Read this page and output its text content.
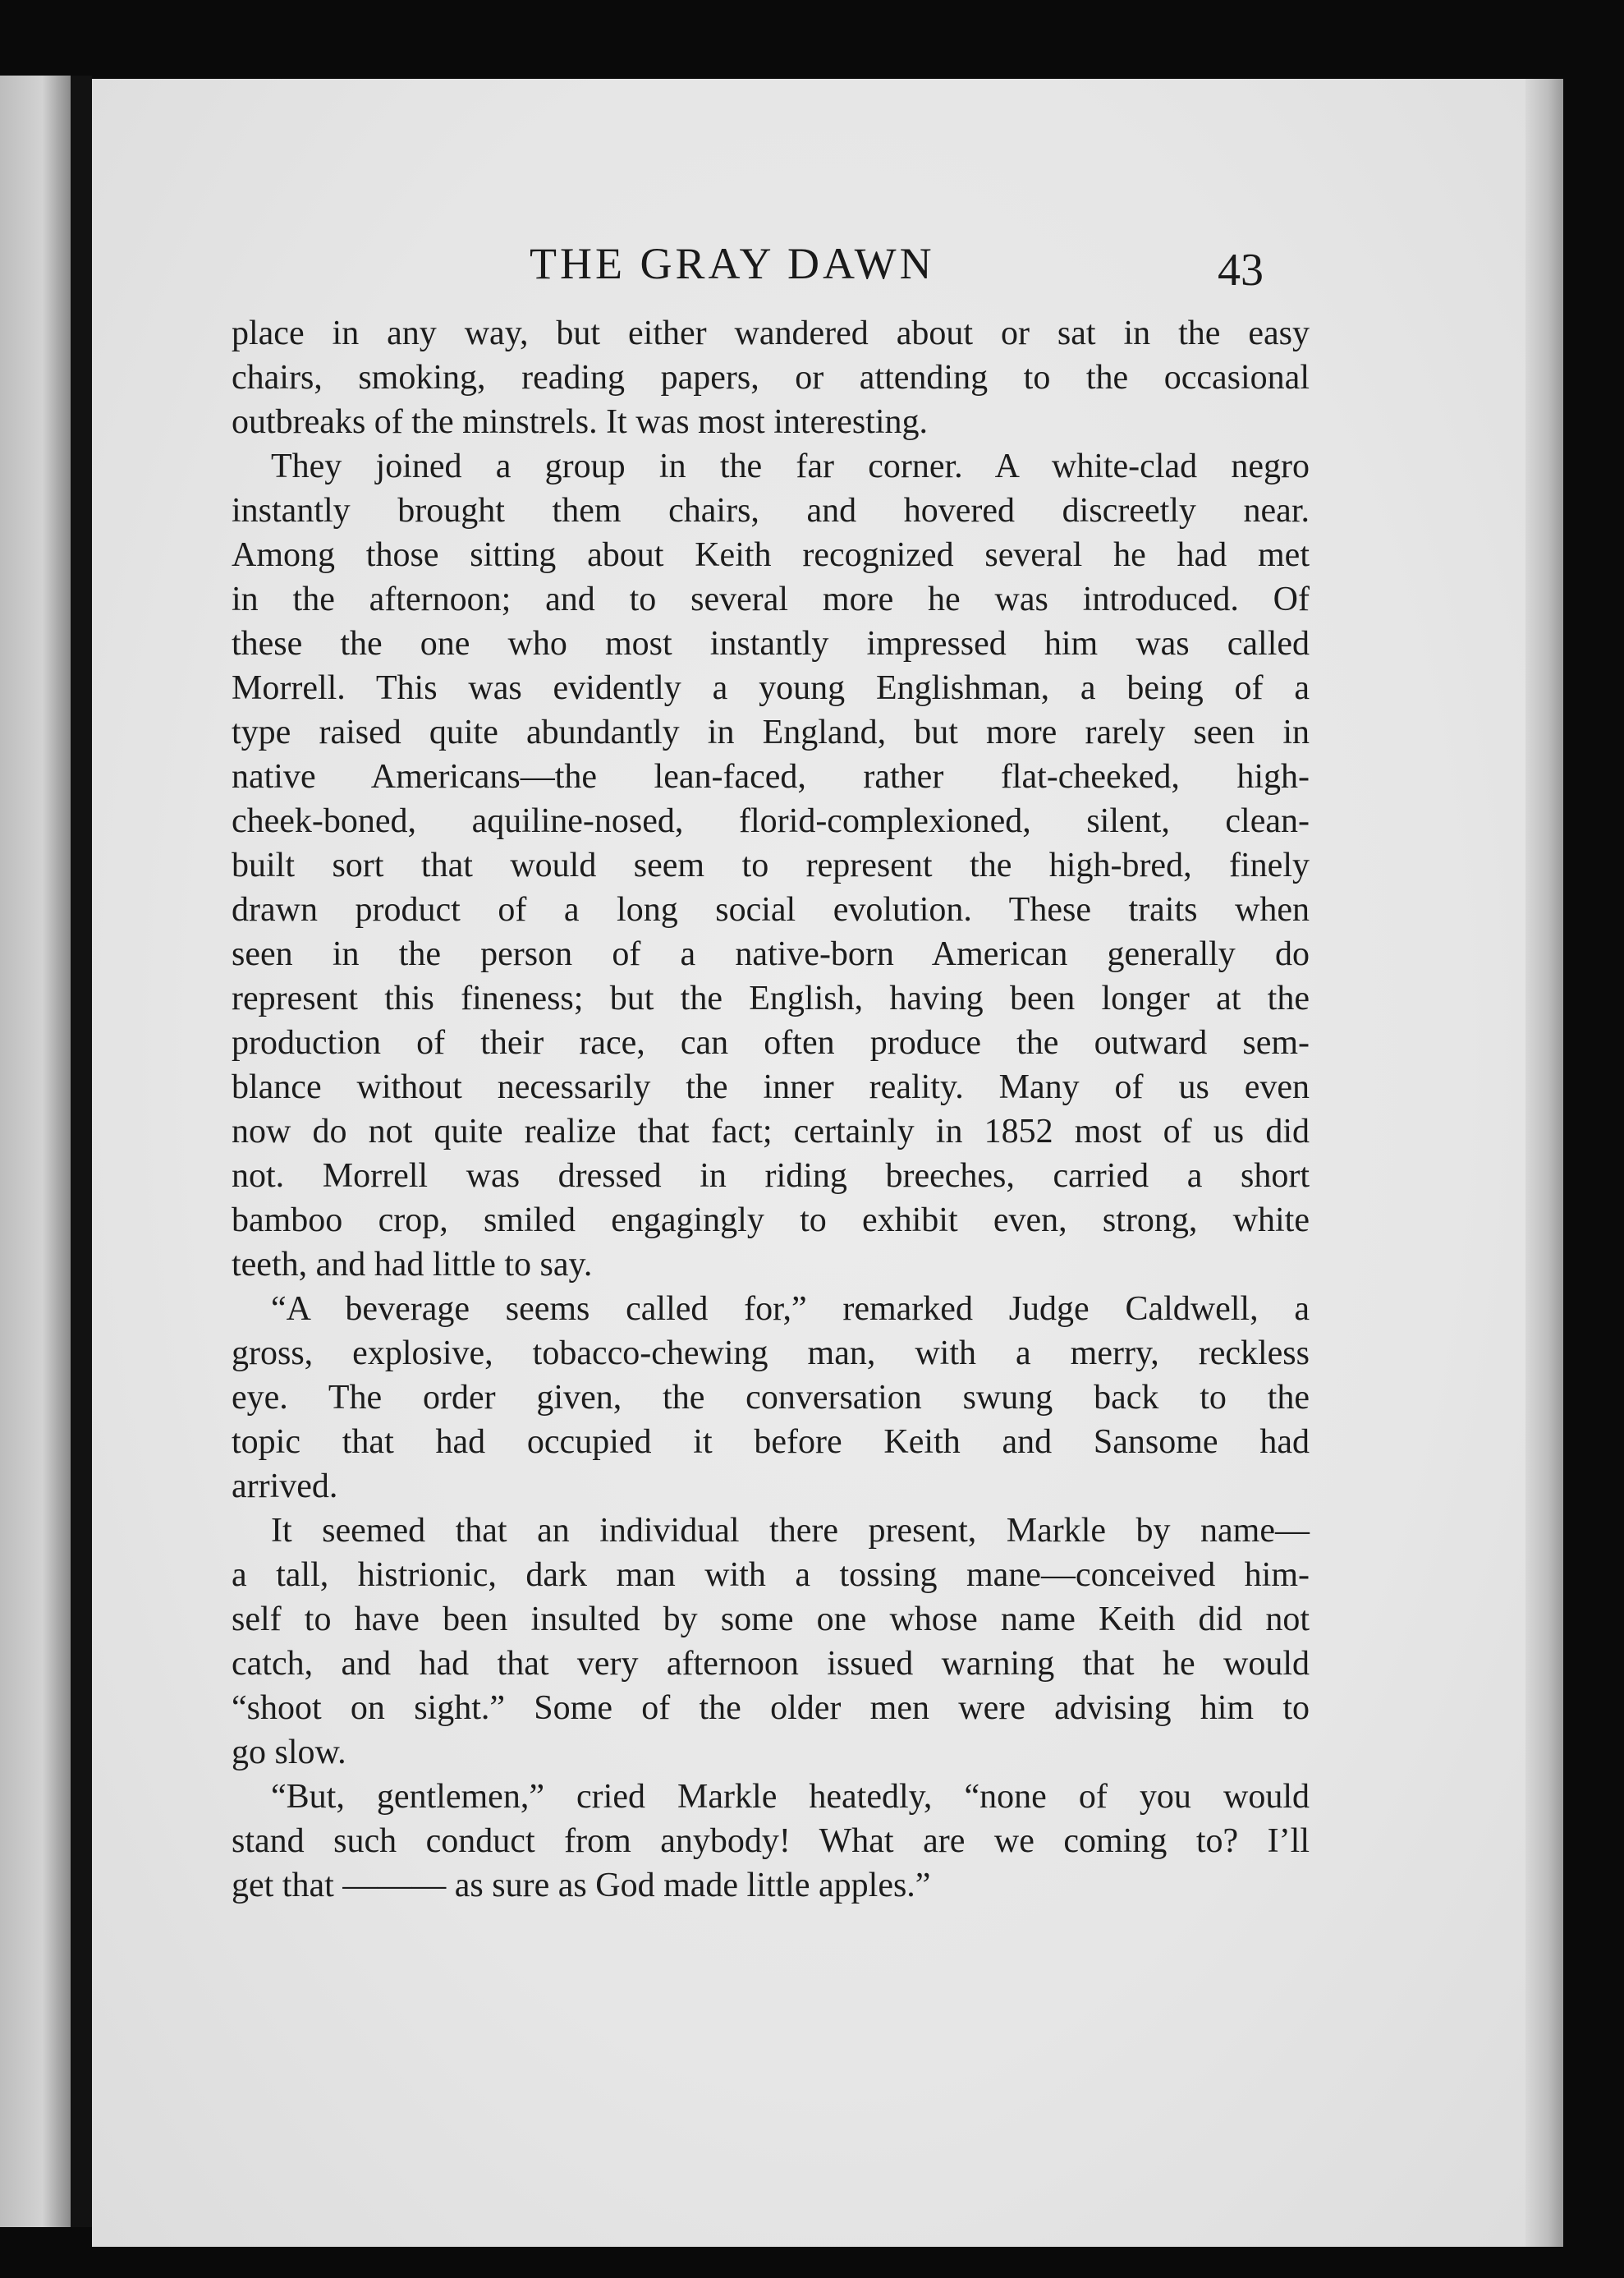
THE GRAY DAWN	43
place in any way, but either wandered about or sat in the easy
chairs, smoking, reading papers, or attending to the occasional
outbreaks of the minstrels. It was most interesting.
They joined a group in the far corner. A white-clad negro
instantly brought them chairs, and hovered discreetly near.
Among those sitting about Keith recognized several he had met
in the afternoon; and to several more he was introduced. Of
these the one who most instantly impressed him was called
Morrell. This was evidently a young Englishman, a being of a
type raised quite abundantly in England, but more rarely seen in
native Americans—the lean-faced, rather flat-cheeked, high-
cheek-boned, aquiline-nosed, florid-complexioned, silent, clean-
built sort that would seem to represent the high-bred, finely
drawn product of a long social evolution. These traits when
seen in the person of a native-born American generally do
represent this fineness; but the English, having been longer at the
production of their race, can often produce the outward sem-
blance without necessarily the inner reality. Many of us even
now do not quite realize that fact; certainly in 1852 most of us did
not. Morrell was dressed in riding breeches, carried a short
bamboo crop, smiled engagingly to exhibit even, strong, white
teeth, and had little to say.
“A beverage seems called for,” remarked Judge Caldwell, a
gross, explosive, tobacco-chewing man, with a merry, reckless
eye. The order given, the conversation swung back to the
topic that had occupied it before Keith and Sansome had
arrived.
It seemed that an individual there present, Markle by name—
a tall, histrionic, dark man with a tossing mane—conceived him-
self to have been insulted by some one whose name Keith did not
catch, and had that very afternoon issued warning that he would
“shoot on sight.” Some of the older men were advising him to
go slow.
“But, gentlemen,” cried Markle heatedly, “none of you would
stand such conduct from anybody! What are we coming to? I’ll
get that ——— as sure as God made little apples.”
